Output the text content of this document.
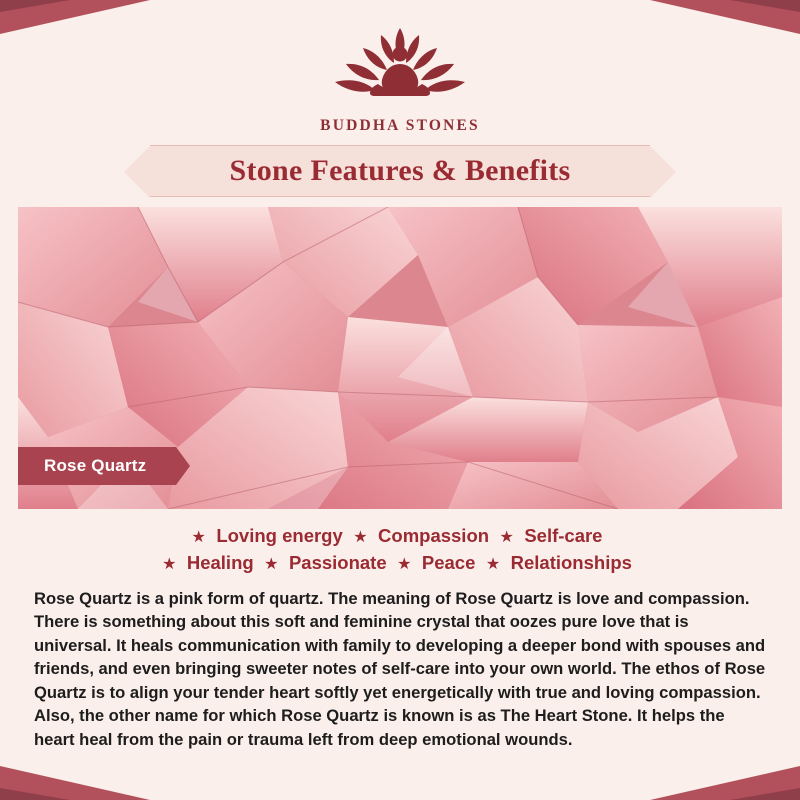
BUDDHA STONES
Stone Features & Benefits
Rose Quartz
★ Loving energy ★ Compassion ★ Self-care
★ Healing ★ Passionate ★ Peace ★ Relationships

Rose Quartz is a pink form of quartz. The meaning of Rose Quartz is love and compassion. There is something about this soft and feminine crystal that oozes pure love that is universal. It heals communication with family to developing a deeper bond with spouses and friends, and even bringing sweeter notes of self-care into your own world. The ethos of Rose Quartz is to align your tender heart softly yet energetically with true and loving compassion. Also, the other name for which Rose Quartz is known is as The Heart Stone. It helps the heart heal from the pain or trauma left from deep emotional wounds.
